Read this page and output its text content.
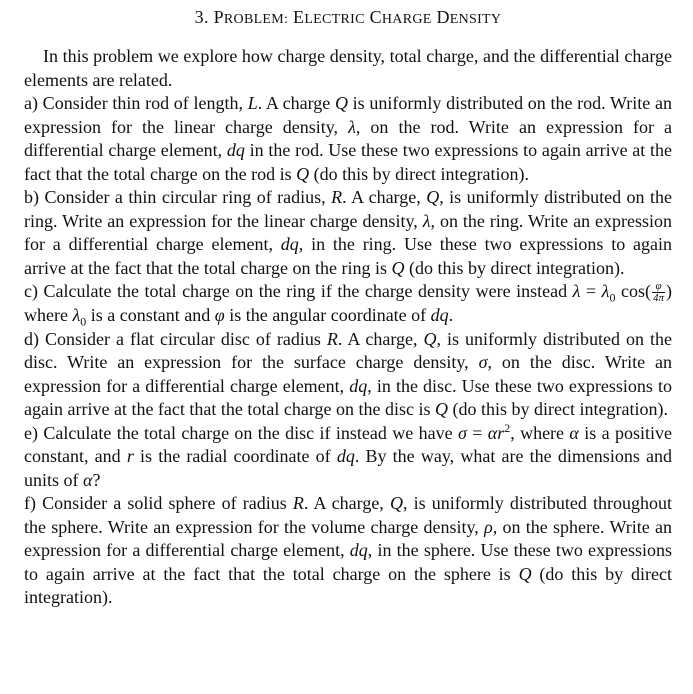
3. PROBLEM: ELECTRIC CHARGE DENSITY

In this problem we explore how charge density, total charge, and the differential charge elements are related.

a) Consider thin rod of length, L. A charge Q is uniformly distributed on the rod. Write an expression for the linear charge density, λ, on the rod. Write an expression for a differential charge element, dq in the rod. Use these two expressions to again arrive at the fact that the total charge on the rod is Q (do this by direct integration).

b) Consider a thin circular ring of radius, R. A charge, Q, is uniformly distributed on the ring. Write an expression for the linear charge density, λ, on the ring. Write an expression for a differential charge element, dq, in the ring. Use these two expressions to again arrive at the fact that the total charge on the ring is Q (do this by direct integration).

c) Calculate the total charge on the ring if the charge density were instead $\lambda = \lambda_0$ $\cos( \frac{\varphi}{4\pi}$ ) where $\lambda_0$ is a constant and φ is the angular coordinate of dq.

d) Consider a flat circular disc of radius R. A charge, Q, is uniformly distributed on the disc. Write an expression for the surface charge density, σ, on the disc. Write an expression for a differential charge element, dq, in the disc. Use these two expressions to again arrive at the fact that the total charge on the disc is Q (do this by direct integration).

e) Calculate the total charge on the disc if instead we have $\sigma = \alpha r^2$, where α is a positive constant, and r is the radial coordinate of dq. By the way, what are the dimensions and units of α?

f) Consider a solid sphere of radius R. A charge, Q, is uniformly distributed throughout the sphere. Write an expression for the volume charge density, ρ, on the sphere. Write an expression for a differential charge element, dq, in the sphere. Use these two expressions to again arrive at the fact that the total charge on the sphere is Q (do this by direct integration).
